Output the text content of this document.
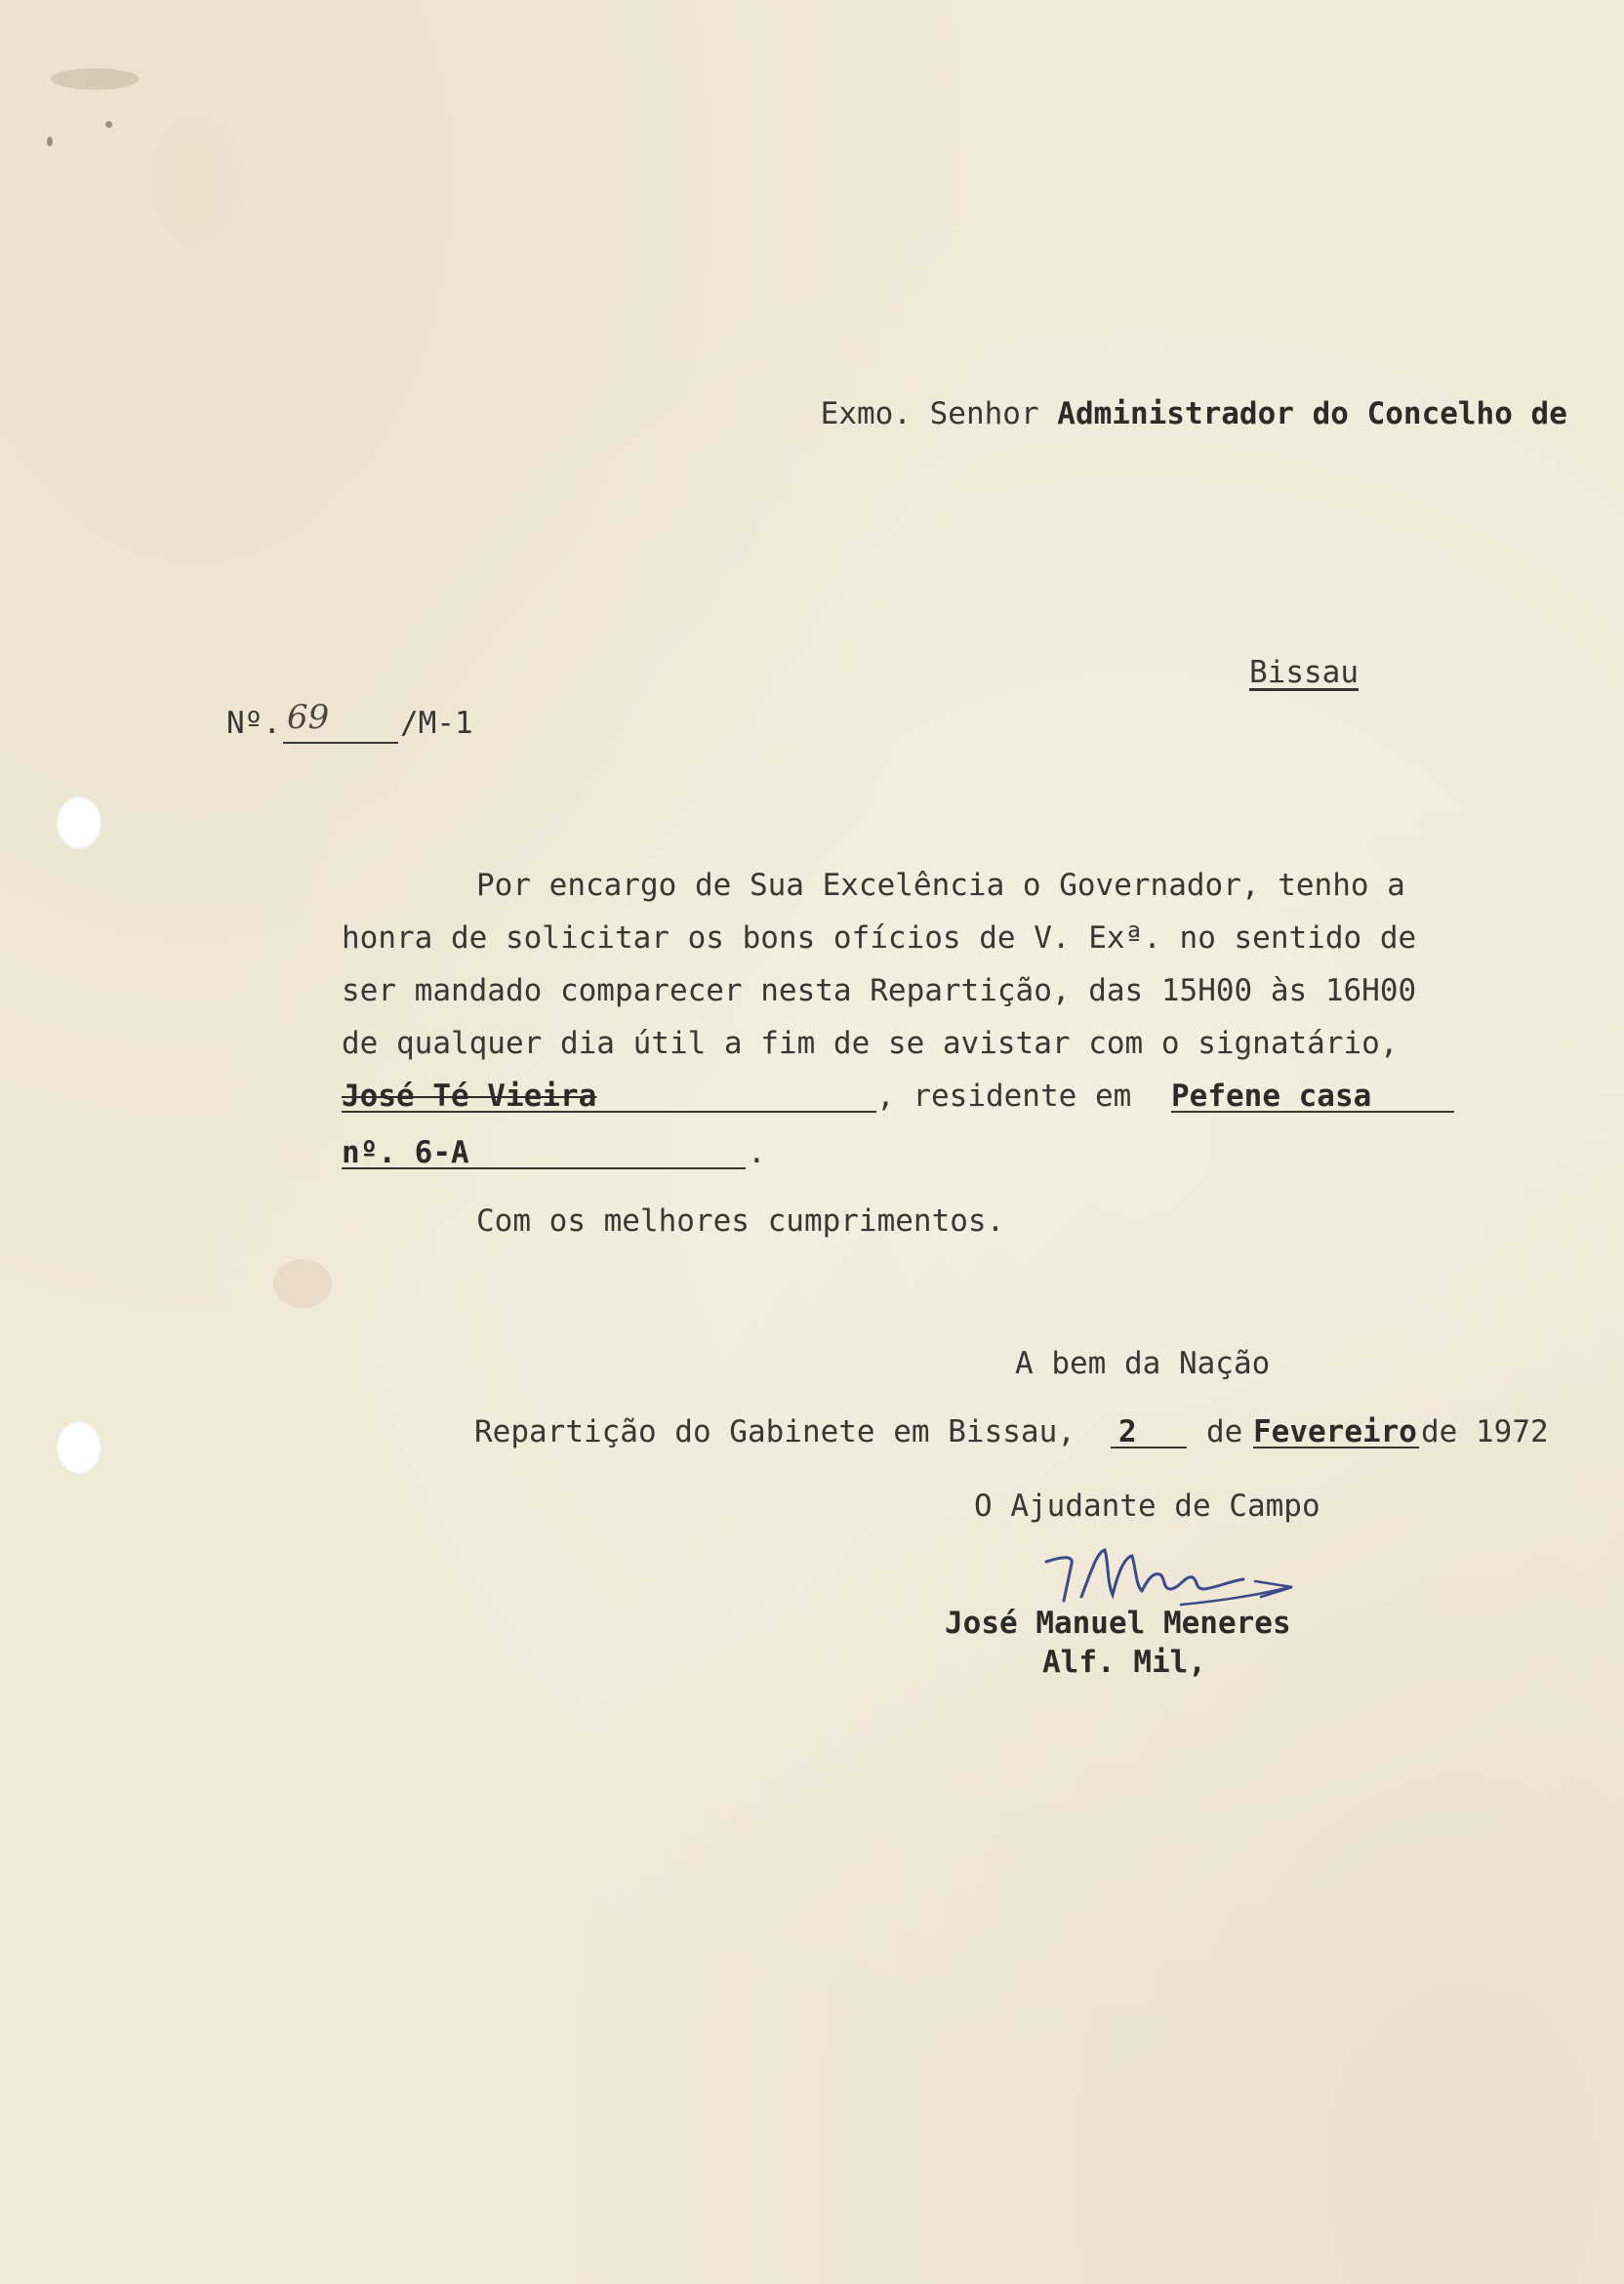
Exmo. Senhor Administrador do Concelho de

Bissau
Nº. 69 /M-1
Por encargo de Sua Excelência o Governador, tenho a
honra de solicitar os bons ofícios de V. Exª. no sentido de
ser mandado comparecer nesta Repartição, das 15H00 às 16H00
de qualquer dia útil a fim de se avistar com o signatário,
José Té Vieira	, residente em Pefene casa
nº. 6-A	.
Com os melhores cumprimentos.
A bem da Nação
Repartição do Gabinete em Bissau, 2 de Fevereiro de 1972
O Ajudante de Campo
José Manuel Meneres
Alf. Mil,
